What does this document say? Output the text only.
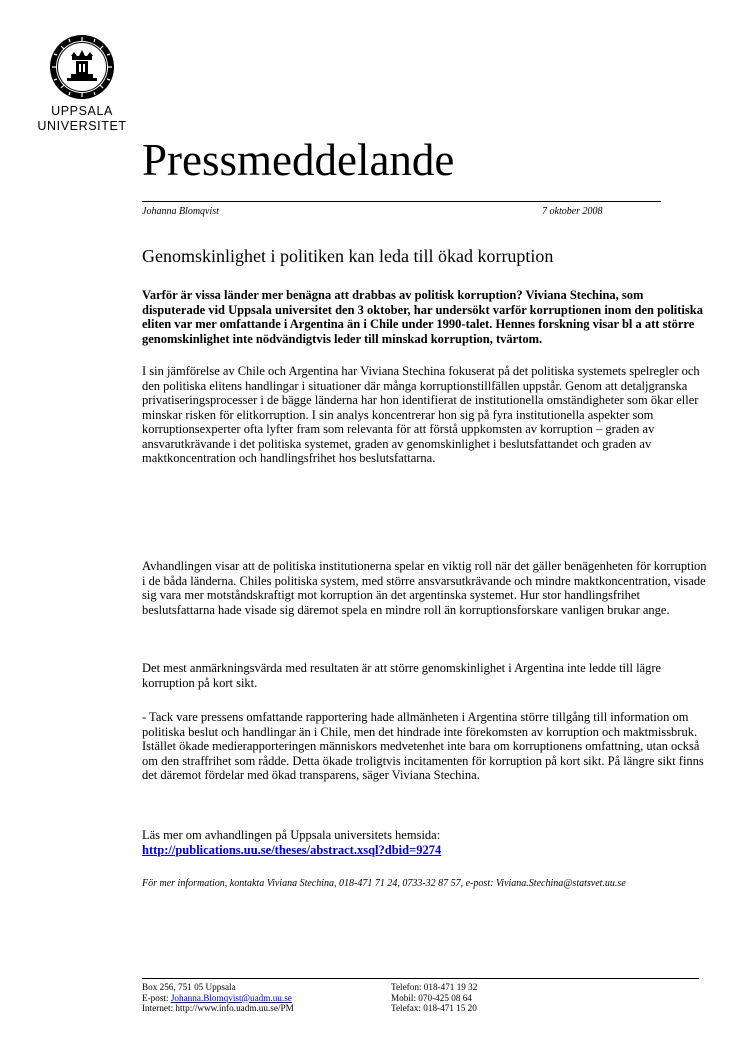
UPPSALA
UNIVERSITET
Pressmeddelande
Johanna Blomqvist	7 oktober 2008
Genomskinlighet i politiken kan leda till ökad korruption
Varför är vissa länder mer benägna att drabbas av politisk korruption? Viviana Stechina, som disputerade vid Uppsala universitet den 3 oktober, har undersökt varför korruptionen inom den politiska eliten var mer omfattande i Argentina än i Chile under 1990-talet. Hennes forskning visar bl a att större genomskinlighet inte nödvändigtvis leder till minskad korruption, tvärtom.
I sin jämförelse av Chile och Argentina har Viviana Stechina fokuserat på det politiska systemets spelregler och den politiska elitens handlingar i situationer där många korruptionstillfällen uppstår. Genom att detaljgranska privatiseringsprocesser i de bägge länderna har hon identifierat de institutionella omständigheter som ökar eller minskar risken för elitkorruption. I sin analys koncentrerar hon sig på fyra institutionella aspekter som korruptionsexperter ofta lyfter fram som relevanta för att förstå uppkomsten av korruption – graden av ansvarutkrävande i det politiska systemet, graden av genomskinlighet i beslutsfattandet och graden av maktkoncentration och handlingsfrihet hos beslutsfattarna.
Avhandlingen visar att de politiska institutionerna spelar en viktig roll när det gäller benägenheten för korruption i de båda länderna. Chiles politiska system, med större ansvarsutkrävande och mindre maktkoncentration, visade sig vara mer motståndskraftigt mot korruption än det argentinska systemet. Hur stor handlingsfrihet beslutsfattarna hade visade sig däremot spela en mindre roll än korruptionsforskare vanligen brukar ange.
Det mest anmärkningsvärda med resultaten är att större genomskinlighet i Argentina inte ledde till lägre korruption på kort sikt.
- Tack vare pressens omfattande rapportering hade allmänheten i Argentina större tillgång till information om politiska beslut och handlingar än i Chile, men det hindrade inte förekomsten av korruption och maktmissbruk. Istället ökade medierapporteringen människors medvetenhet inte bara om korruptionens omfattning, utan också om den straffrihet som rådde. Detta ökade troligtvis incitamenten för korruption på kort sikt. På längre sikt finns det däremot fördelar med ökad transparens, säger Viviana Stechina.

Läs mer om avhandlingen på Uppsala universitets hemsida:

http://publications.uu.se/theses/abstract.xsql?dbid=9274

För mer information, kontakta Viviana Stechina, 018-471 71 24, 0733-32 87 57, e-post: Viviana.Stechina@statsvet.uu.se
Box 256, 751 05 Uppsala
E-post: Johanna.Blomqvist@uadm.uu.se
Internet: http://www.info.uadm.uu.se/PM
Telefon: 018-471 19 32
Mobil: 070-425 08 64
Telefax: 018-471 15 20
